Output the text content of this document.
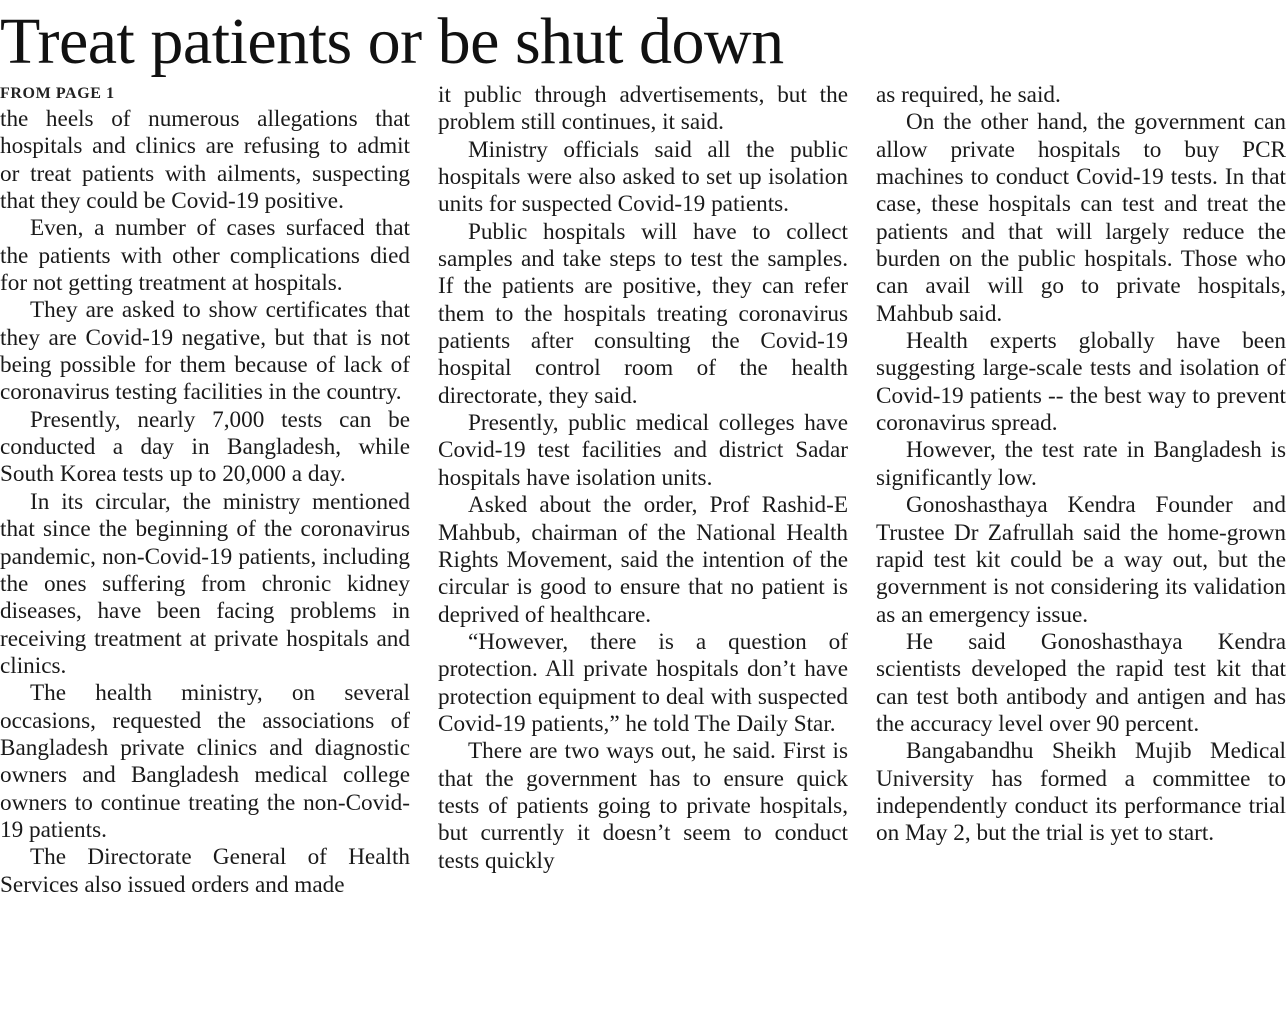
Treat patients or be shut down
FROM PAGE 1

the heels of numerous allegations that hospitals and clinics are refusing to admit or treat patients with ailments, suspecting that they could be Covid-19 positive.

Even, a number of cases surfaced that the patients with other complications died for not getting treatment at hospitals.

They are asked to show certificates that they are Covid-19 negative, but that is not being possible for them because of lack of coronavirus testing facilities in the country.

Presently, nearly 7,000 tests can be conducted a day in Bangladesh, while South Korea tests up to 20,000 a day.

In its circular, the ministry mentioned that since the beginning of the coronavirus pandemic, non-Covid-19 patients, including the ones suffering from chronic kidney diseases, have been facing problems in receiving treatment at private hospitals and clinics.

The health ministry, on several occasions, requested the associations of Bangladesh private clinics and diagnostic owners and Bangladesh medical college owners to continue treating the non-Covid-19 patients.

The Directorate General of Health Services also issued orders and made

it public through advertisements, but the problem still continues, it said.

Ministry officials said all the public hospitals were also asked to set up isolation units for suspected Covid-19 patients.

Public hospitals will have to collect samples and take steps to test the samples. If the patients are positive, they can refer them to the hospitals treating coronavirus patients after consulting the Covid-19 hospital control room of the health directorate, they said.

Presently, public medical colleges have Covid-19 test facilities and district Sadar hospitals have isolation units.

Asked about the order, Prof Rashid-E Mahbub, chairman of the National Health Rights Movement, said the intention of the circular is good to ensure that no patient is deprived of healthcare.

“However, there is a question of protection. All private hospitals don’t have protection equipment to deal with suspected Covid-19 patients,” he told The Daily Star.

There are two ways out, he said. First is that the government has to ensure quick tests of patients going to private hospitals, but currently it doesn’t seem to conduct tests quickly

as required, he said.

On the other hand, the government can allow private hospitals to buy PCR machines to conduct Covid-19 tests. In that case, these hospitals can test and treat the patients and that will largely reduce the burden on the public hospitals. Those who can avail will go to private hospitals, Mahbub said.

Health experts globally have been suggesting large-scale tests and isolation of Covid-19 patients -- the best way to prevent coronavirus spread.

However, the test rate in Bangladesh is significantly low.

Gonoshasthaya Kendra Founder and Trustee Dr Zafrullah said the home-grown rapid test kit could be a way out, but the government is not considering its validation as an emergency issue.

He said Gonoshasthaya Kendra scientists developed the rapid test kit that can test both antibody and antigen and has the accuracy level over 90 percent.

Bangabandhu Sheikh Mujib Medical University has formed a committee to independently conduct its performance trial on May 2, but the trial is yet to start.
